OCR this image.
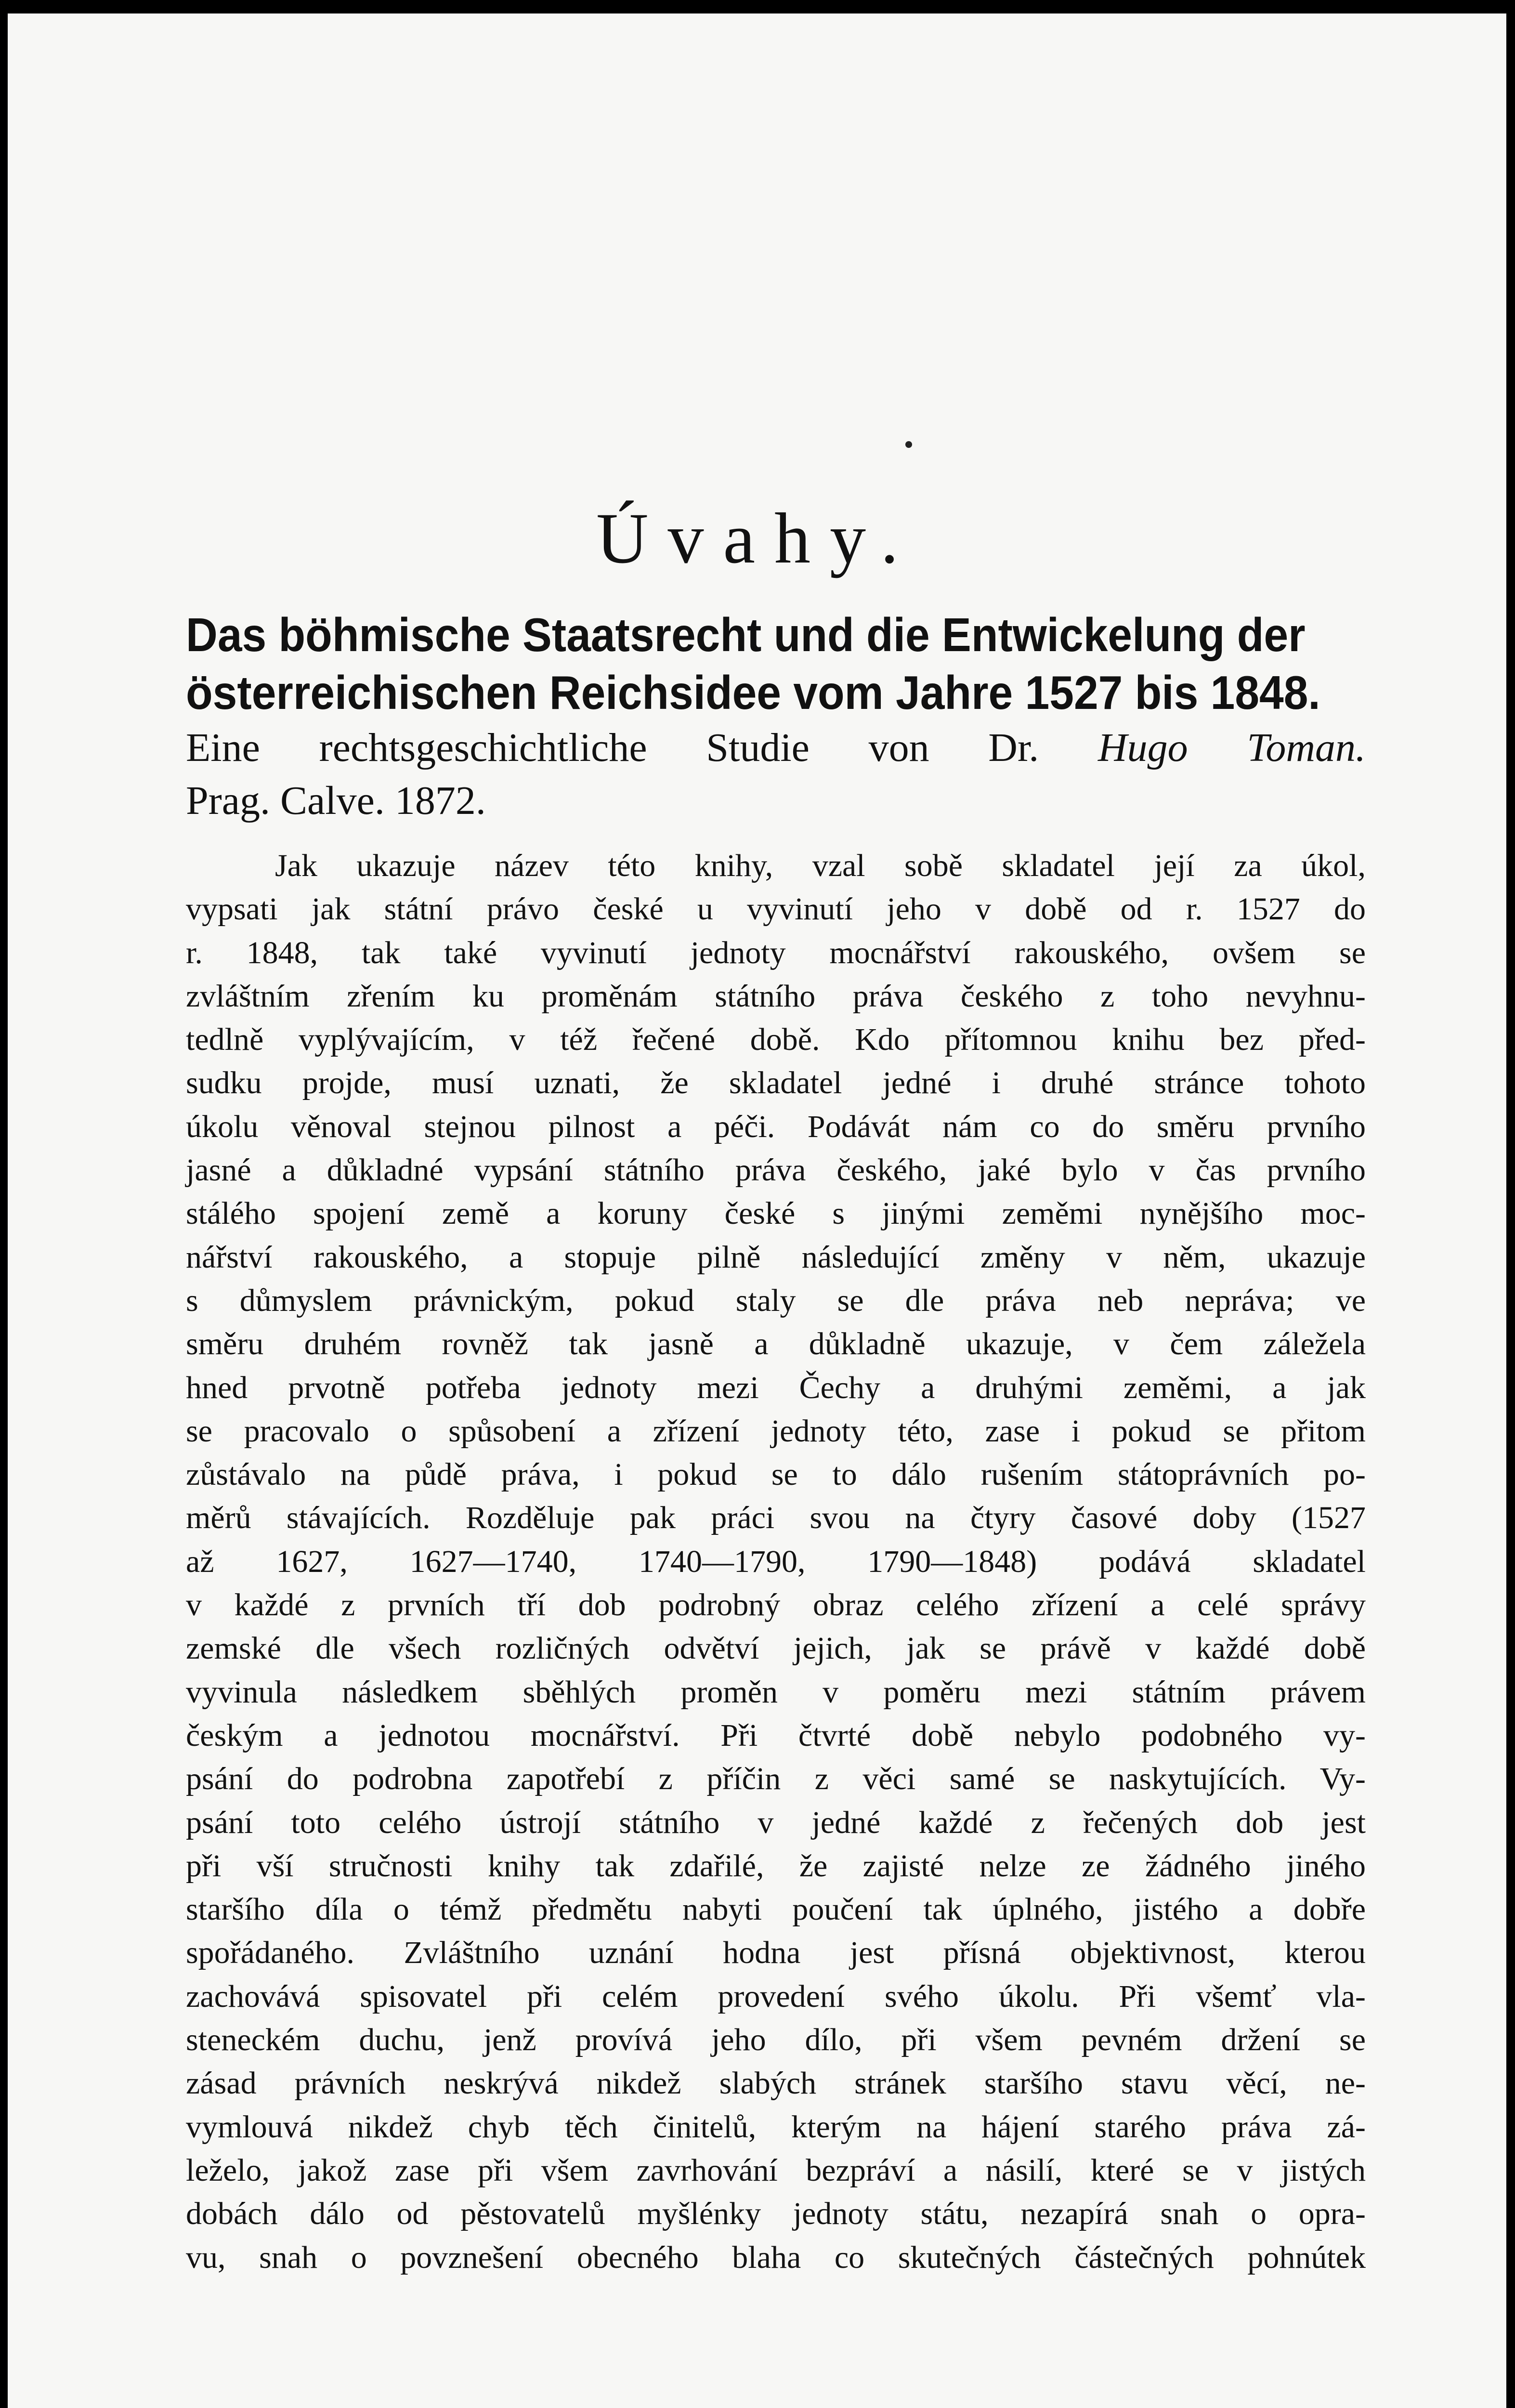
Úvahy.
Das böhmische Staatsrecht und die Entwickelung der
österreichischen Reichsidee vom Jahre 1527 bis 1848.
Eine rechtsgeschichtliche Studie von Dr. Hugo Toman.
Prag. Calve. 1872.
Jak ukazuje název této knihy, vzal sobě skladatel její za úkol,
vypsati jak státní právo české u vyvinutí jeho v době od r. 1527 do
r. 1848, tak také vyvinutí jednoty mocnářství rakouského, ovšem se
zvláštním zřením ku proměnám státního práva českého z toho nevyhnu-
tedlně vyplývajícím, v též řečené době. Kdo přítomnou knihu bez před-
sudku projde, musí uznati, že skladatel jedné i druhé stránce tohoto
úkolu věnoval stejnou pilnost a péči. Podávát nám co do směru prvního
jasné a důkladné vypsání státního práva českého, jaké bylo v čas prvního
stálého spojení země a koruny české s jinými zeměmi nynějšího moc-
nářství rakouského, a stopuje pilně následující změny v něm, ukazuje
s důmyslem právnickým, pokud staly se dle práva neb neprávа; ve
směru druhém rovněž tak jasně a důkladně ukazuje, v čem záležela
hned prvotně potřeba jednoty mezi Čechy a druhými zeměmi, a jak
se pracovalo o spůsobení a zřízení jednoty této, zase i pokud se přitom
zůstávalo na půdě práva, i pokud se to dálo rušením státoprávních po-
měrů stávajících. Rozděluje pak práci svou na čtyry časové doby (1527
až 1627, 1627—1740, 1740—1790, 1790—1848) podává skladatel
v každé z prvních tří dob podrobný obraz celého zřízení a celé správy
zemské dle všech rozličných odvětví jejich, jak se právě v každé době
vyvinula následkem sběhlých proměn v poměru mezi státním právem
českým a jednotou mocnářství. Při čtvrté době nebylo podobného vy-
psání do podrobna zapotřebí z příčin z věci samé se naskytujících. Vy-
psání toto celého ústrojí státního v jedné každé z řečených dob jest
při vší stručnosti knihy tak zdařilé, že zajisté nelze ze žádného jiného
staršího díla o témž předmětu nabyti poučení tak úplného, jistého a dobře
spořádaného. Zvláštního uznání hodna jest přísná objektivnost, kterou
zachovává spisovatel při celém provedení svého úkolu. Při všemť vla-
steneckém duchu, jenž provívá jeho dílo, při všem pevném držení se
zásad právních neskrývá nikdež slabých stránek staršího stavu věcí, ne-
vymlouvá nikdež chyb těch činitelů, kterým na hájení starého práva zá-
leželo, jakož zase při všem zavrhování bezpráví a násilí, které se v jistých
dobách dálo od pěstovatelů myšlénky jednoty státu, nezapírá snah o opra-
vu, snah o povznešení obecného blaha co skutečných částečných pohnútek
